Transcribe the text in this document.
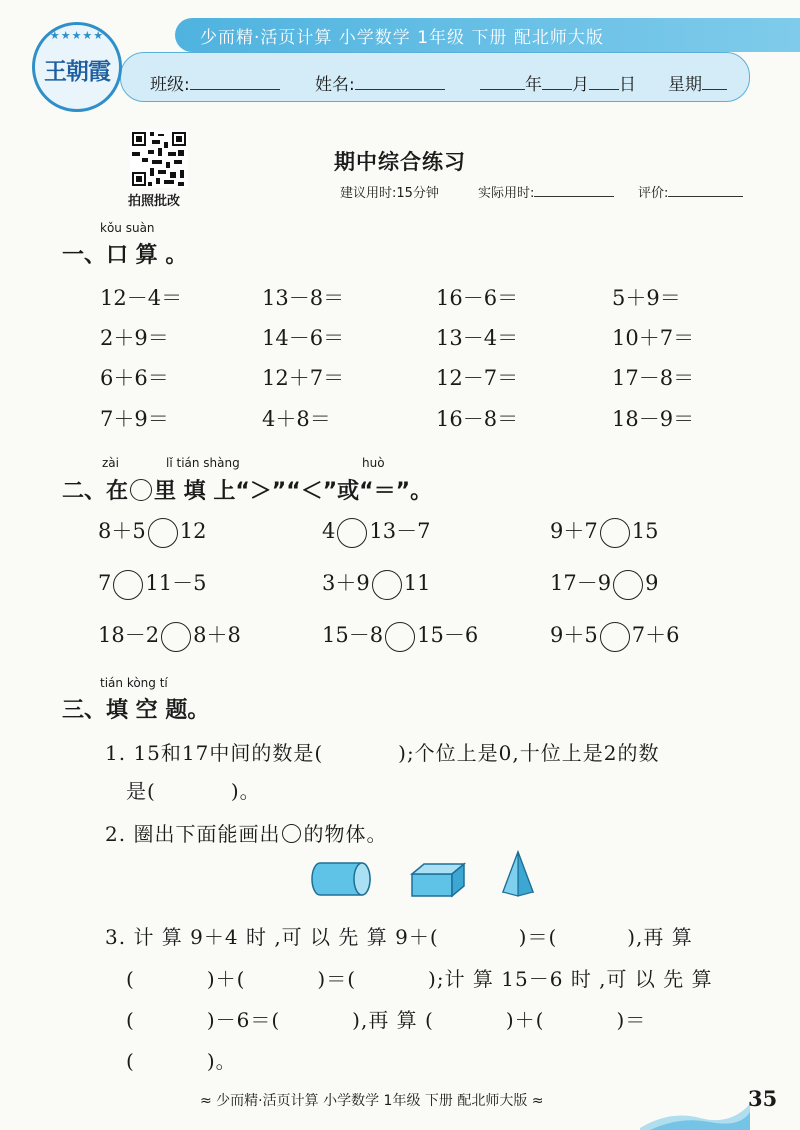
少而精·活页计算 小学数学 1年级 下册 配北师大版
★★★★★
王朝霞	班级:	姓名:	年 月 日 星期
拍照批改
期中综合练习
建议用时:15分钟	实际用时:	评价:
kǒu suàn
一、口 算 。
12－4＝	13－8＝	16－6＝	5＋9＝
2＋9＝	14－6＝	13－4＝	10＋7＝
6＋6＝	12＋7＝	12－7＝	17－8＝
7＋9＝	4＋8＝	16－8＝	18－9＝
zài	lǐ tián shàng	huò
二、在 里 填 上“＞”“＜”或“＝”。
8＋5 12	4 13－7	9＋7 15
7 11－5	3＋9 11	17－9 9
18－2 8＋8	15－8 15－6	9＋5 7＋6
tián kòng tí
三、填 空 题。
1. 15和17中间的数是(	);个位上是0,十位上是2的数
是(	)。
2. 圈出下面能画出 的物体。
3. 计 算 9＋4 时 ,可 以 先 算 9＋(	)＝(	),再 算
(	)＋(	)＝(	);计 算 15－6 时 ,可 以 先 算
(	)－6＝(	),再 算 (	)＋(	)＝
(	)。
≈ 少而精·活页计算 小学数学 1年级 下册 配北师大版 ≈	35
